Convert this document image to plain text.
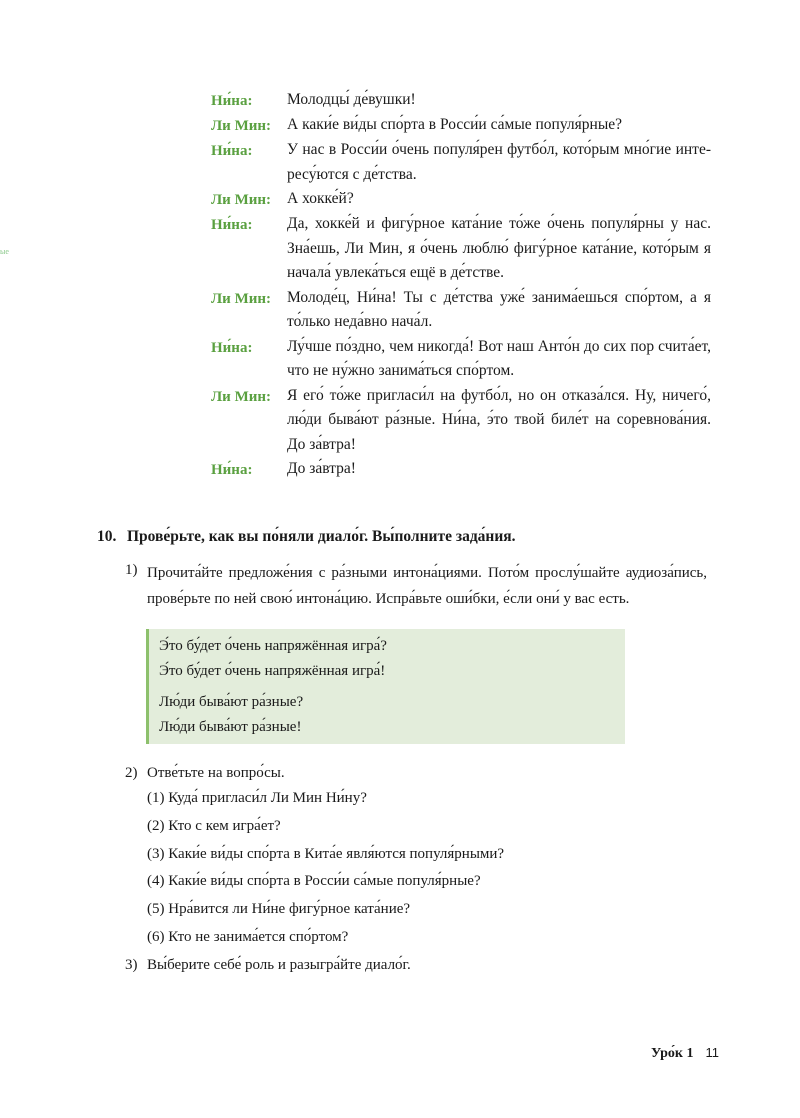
ые
Ни́на:	Молодцы́ де́вушки!
Ли Мин:	А каки́е ви́ды спо́рта в Росси́и са́мые популя́рные?
Ни́на:	У нас в Росси́и о́чень популя́рен футбо́л, кото́рым мно́гие инте-ресу́ются с де́тства.
Ли Мин:	А хокке́й?
Ни́на:	Да, хокке́й и фигу́рное ката́ние то́же о́чень популя́рны у нас. Зна́ешь, Ли Мин, я о́чень люблю́ фигу́рное ката́ние, кото́рым я начала́ увлека́ться ещё в де́тстве.
Ли Мин:	Молоде́ц, Ни́на! Ты с де́тства уже́ занима́ешься спо́ртом, а я то́лько неда́вно нача́л.
Ни́на:	Лу́чше по́здно, чем никогда́! Вот наш Анто́н до сих пор счита́ет, что не ну́жно занима́ться спо́ртом.
Ли Мин:	Я его́ то́же пригласи́л на футбо́л, но он отказа́лся. Ну, ничего́, лю́ди быва́ют ра́зные. Ни́на, э́то твой биле́т на соревнова́ния. До за́втра!
Ни́на:	До за́втра!
10. Прове́рьте, как вы по́няли диало́г. Вы́полните зада́ния.
1) Прочита́йте предложе́ния с ра́зными интона́циями. Пото́м прослу́шайте аудиоза́пись, прове́рьте по ней свою́ интона́цию. Испра́вьте оши́бки, е́сли они́ у вас есть.
Э́то бу́дет о́чень напряжённая игра́?
Э́то бу́дет о́чень напряжённая игра́!
Лю́ди быва́ют ра́зные?
Лю́ди быва́ют ра́зные!
2) Отве́тьте на вопро́сы.
(1) Куда́ пригласи́л Ли Мин Ни́ну?
(2) Кто с кем игра́ет?
(3) Каки́е ви́ды спо́рта в Кита́е явля́ются популя́рными?
(4) Каки́е ви́ды спо́рта в Росси́и са́мые популя́рные?
(5) Нра́вится ли Ни́не фигу́рное ката́ние?
(6) Кто не занима́ется спо́ртом?
3) Вы́берите себе́ роль и разыгра́йте диало́г.
Уро́к 1 11
